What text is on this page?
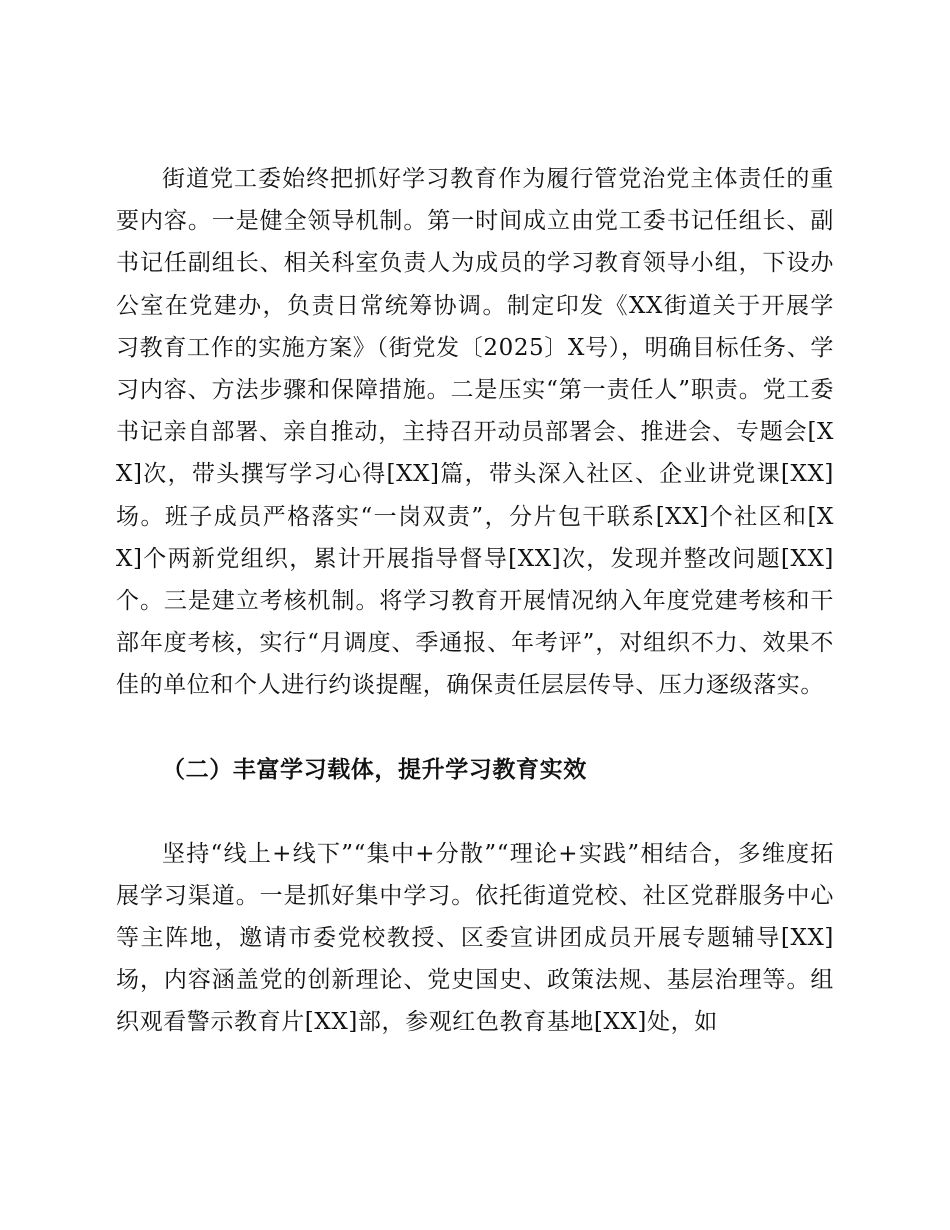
街道党工委始终把抓好学习教育作为履行管党治党主体责任的重要内容。一是健全领导机制。第一时间成立由党工委书记任组长、副书记任副组长、相关科室负责人为成员的学习教育领导小组，下设办公室在党建办，负责日常统筹协调。制定印发《XX街道关于开展学习教育工作的实施方案》（街党发〔2025〕X号），明确目标任务、学习内容、方法步骤和保障措施。二是压实“第一责任人”职责。党工委书记亲自部署、亲自推动，主持召开动员部署会、推进会、专题会[XX]次，带头撰写学习心得[XX]篇，带头深入社区、企业讲党课[XX]场。班子成员严格落实“一岗双责”，分片包干联系[XX]个社区和[XX]个两新党组织，累计开展指导督导[XX]次，发现并整改问题[XX]个。三是建立考核机制。将学习教育开展情况纳入年度党建考核和干部年度考核，实行“月调度、季通报、年考评”，对组织不力、效果不佳的单位和个人进行约谈提醒，确保责任层层传导、压力逐级落实。

（二）丰富学习载体，提升学习教育实效

坚持“线上+线下”“集中+分散”“理论+实践”相结合，多维度拓展学习渠道。一是抓好集中学习。依托街道党校、社区党群服务中心等主阵地，邀请市委党校教授、区委宣讲团成员开展专题辅导[XX]场，内容涵盖党的创新理论、党史国史、政策法规、基层治理等。组织观看警示教育片[XX]部，参观红色教育基地[XX]处，如
